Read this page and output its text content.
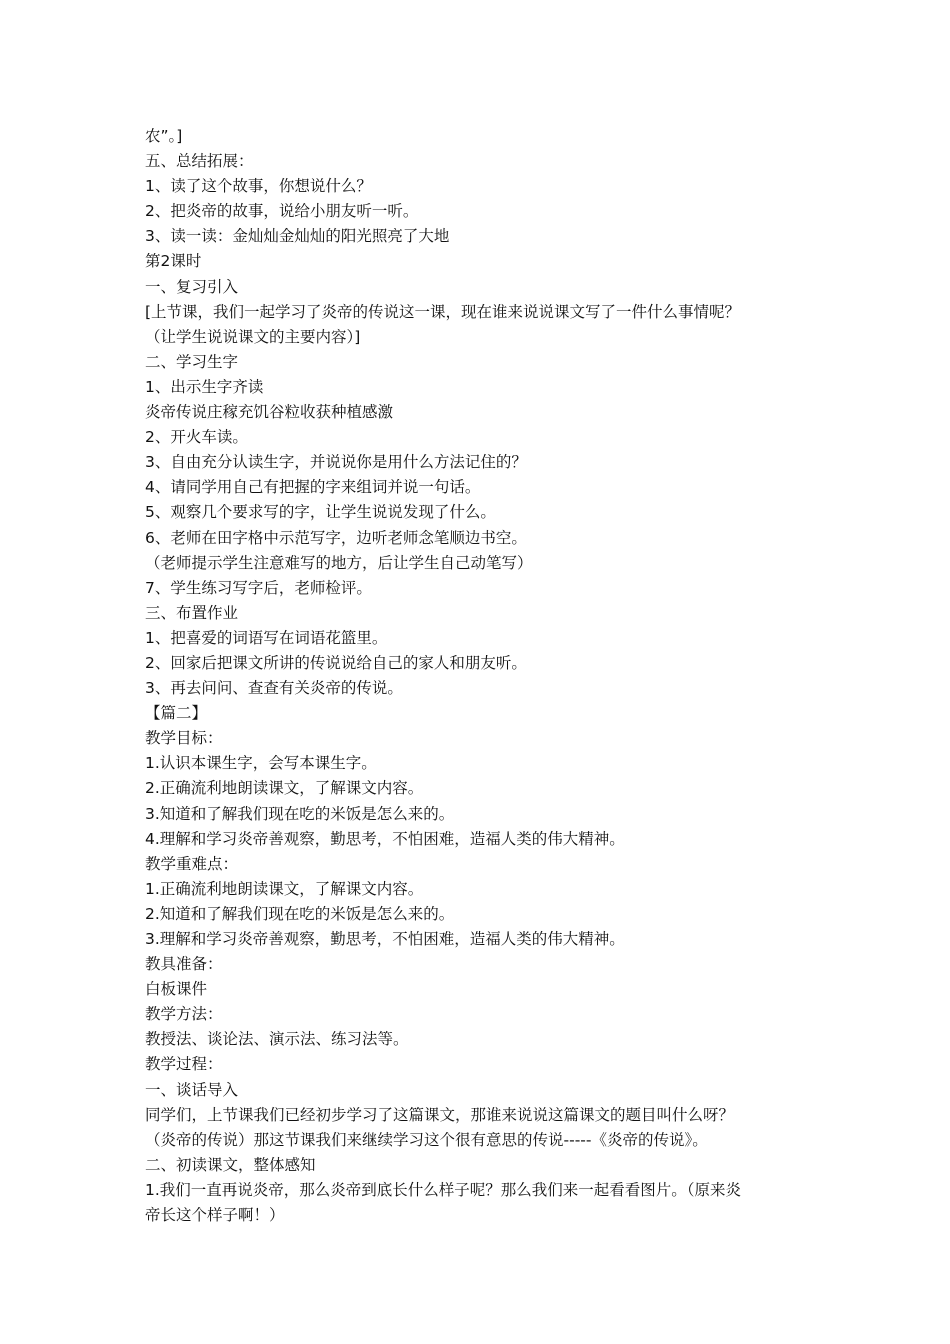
农”。]

五、总结拓展：

1、读了这个故事，你想说什么？

2、把炎帝的故事，说给小朋友听一听。

3、读一读：金灿灿金灿灿的阳光照亮了大地

第2课时

一、复习引入

[上节课，我们一起学习了炎帝的传说这一课，现在谁来说说课文写了一件什么事情呢？

（让学生说说课文的主要内容）]

二、学习生字

1、出示生字齐读

炎帝传说庄稼充饥谷粒收获种植感激

2、开火车读。

3、自由充分认读生字，并说说你是用什么方法记住的？

4、请同学用自己有把握的字来组词并说一句话。

5、观察几个要求写的字，让学生说说发现了什么。

6、老师在田字格中示范写字，边听老师念笔顺边书空。

（老师提示学生注意难写的地方，后让学生自己动笔写）

7、学生练习写字后，老师检评。

三、布置作业

1、把喜爱的词语写在词语花篮里。

2、回家后把课文所讲的传说说给自己的家人和朋友听。

3、再去问问、查查有关炎帝的传说。

【篇二】

教学目标：

1.认识本课生字，会写本课生字。

2.正确流利地朗读课文，了解课文内容。

3.知道和了解我们现在吃的米饭是怎么来的。

4.理解和学习炎帝善观察，勤思考，不怕困难，造福人类的伟大精神。

教学重难点：

1.正确流利地朗读课文，了解课文内容。

2.知道和了解我们现在吃的米饭是怎么来的。

3.理解和学习炎帝善观察，勤思考，不怕困难，造福人类的伟大精神。

教具准备：

白板课件

教学方法：

教授法、谈论法、演示法、练习法等。

教学过程：

一、谈话导入

同学们，上节课我们已经初步学习了这篇课文，那谁来说说这篇课文的题目叫什么呀？

（炎帝的传说）那这节课我们来继续学习这个很有意思的传说-----《炎帝的传说》。

二、初读课文，整体感知

1.我们一直再说炎帝，那么炎帝到底长什么样子呢？那么我们来一起看看图片。（原来炎

帝长这个样子啊！）
